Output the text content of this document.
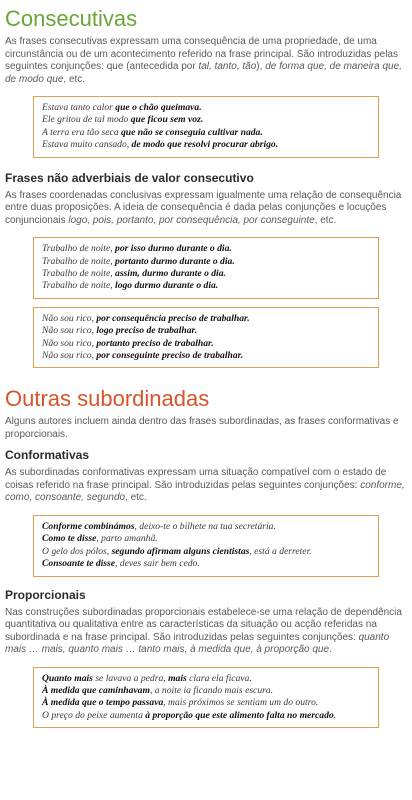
Consecutivas

As frases consecutivas expressam uma consequência de uma propriedade, de uma circunstância ou de um acontecimento referido na frase principal. São introduzidas pelas seguintes conjunções: que (antecedida por tal, tanto, tão), de forma que, de maneira que, de modo que, etc.

Estava tanto calor que o chão queimava.
Ele gritou de tal modo que ficou sem voz.
A terra era tão seca que não se conseguia cultivar nada.
Estava muito cansado, de modo que resolvi procurar abrigo.
Frases não adverbiais de valor consecutivo

As frases coordenadas conclusivas expressam igualmente uma relação de consequência entre duas proposições. A ideia de consequência é dada pelas conjunções e locuções conjuncionais logo, pois, portanto, por consequência, por conseguinte, etc.

Trabalho de noite, por isso durmo durante o dia.
Trabalho de noite, portanto durmo durante o dia.
Trabalho de noite, assim, durmo durante o dia.
Trabalho de noite, logo durmo durante o dia.
Não sou rico, por consequência preciso de trabalhar.
Não sou rico, logo preciso de trabalhar.
Não sou rico, portanto preciso de trabalhar.
Não sou rico, por conseguinte preciso de trabalhar.
Outras subordinadas

Alguns autores incluem ainda dentro das frases subordinadas, as frases conformativas e proporcionais.

Conformativas

As subordinadas conformativas expressam uma situação compatível com o estado de coisas referido na frase principal. São introduzidas pelas seguintes conjunções: conforme, como, consoante, segundo, etc.

Conforme combinámos, deixo-te o bilhete na tua secretária.
Como te disse, parto amanhã.
O gelo dos pólos, segundo afirmam alguns cientistas, está a derreter.
Consoante te disse, deves sair bem cedo.
Proporcionais

Nas construções subordinadas proporcionais estabelece-se uma relação de dependência quantitativa ou qualitativa entre as características da situação ou acção referidas na subordinada e na frase principal. São introduzidas pelas seguintes conjunções: quanto mais … mais, quanto mais … tanto mais, à medida que, à proporção que.

Quanto mais se lavava a pedra, mais clara ela ficava.
À medida que caminhavam, a noite ia ficando mais escura.
À medida que o tempo passava, mais próximos se sentiam um do outro.
O preço do peixe aumenta à proporção que este alimento falta no mercado.
